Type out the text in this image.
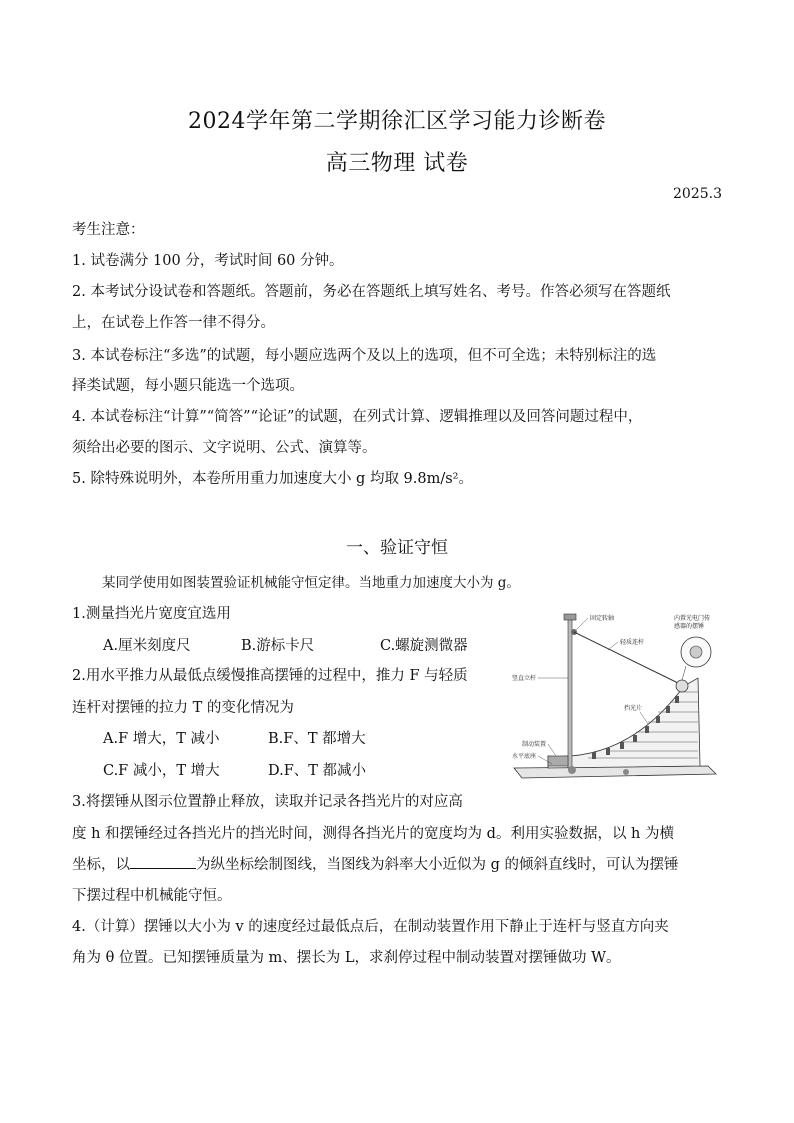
2024学年第二学期徐汇区学习能力诊断卷
高三物理 试卷
2025.3
考生注意：
1. 试卷满分 100 分，考试时间 60 分钟。
2. 本考试分设试卷和答题纸。答题前，务必在答题纸上填写姓名、考号。作答必须写在答题纸
上，在试卷上作答一律不得分。
3. 本试卷标注“多选”的试题，每小题应选两个及以上的选项，但不可全选；未特别标注的选
择类试题，每小题只能选一个选项。
4. 本试卷标注“计算”“简答”“论证”的试题，在列式计算、逻辑推理以及回答问题过程中，
须给出必要的图示、文字说明、公式、演算等。
5. 除特殊说明外，本卷所用重力加速度大小 g 均取 9.8m/s²。
一、验证守恒
某同学使用如图装置验证机械能守恒定律。当地重力加速度大小为 g。
1.测量挡光片宽度宜选用
A.厘米刻度尺	B.游标卡尺	C.螺旋测微器
2.用水平推力从最低点缓慢推高摆锤的过程中，推力 F 与轻质
连杆对摆锤的拉力 T 的变化情况为
A.F 增大，T 减小	B.F、T 都增大
C.F 减小，T 增大	D.F、T 都减小
3.将摆锤从图示位置静止释放，读取并记录各挡光片的对应高
度 h 和摆锤经过各挡光片的挡光时间，测得各挡光片的宽度均为 d。利用实验数据，以 h 为横
坐标，以	为纵坐标绘制图线，当图线为斜率大小近似为 g 的倾斜直线时，可认为摆锤
下摆过程中机械能守恒。
4.（计算）摆锤以大小为 v 的速度经过最低点后，在制动装置作用下静止于连杆与竖直方向夹
角为 θ 位置。已知摆锤质量为 m、摆长为 L，求刹停过程中制动装置对摆锤做功 W。
固定转轴	内置光电门传
感器的摆锤
轻质连杆
竖直立杆
挡光片
制动装置
水平底座
